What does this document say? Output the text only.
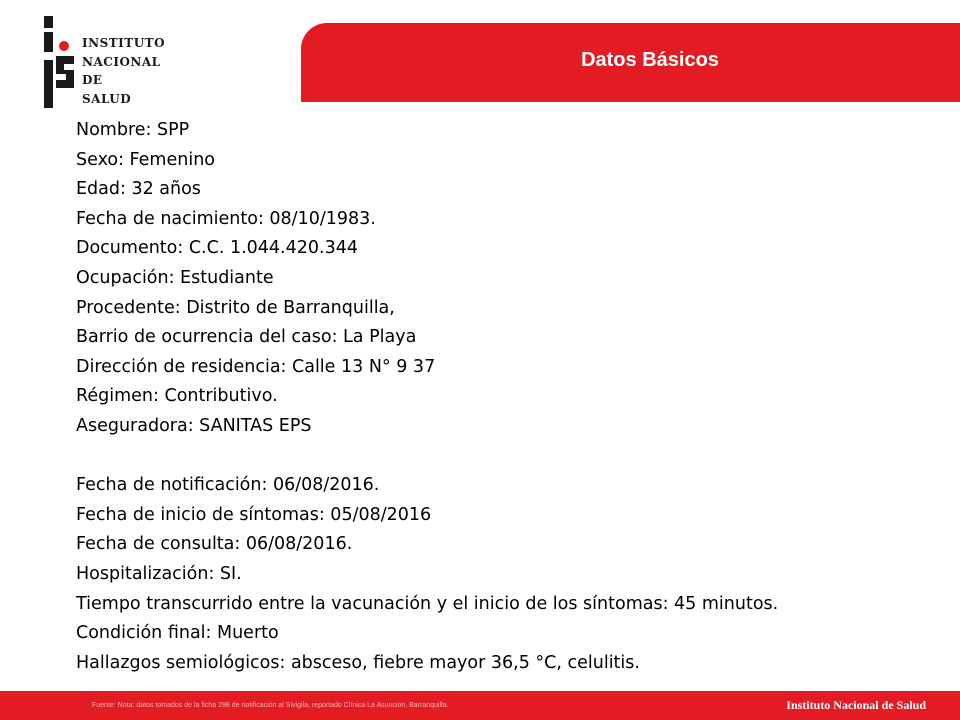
INSTITUTO
NACIONAL DE
SALUD
Datos Básicos
Nombre: SPP
Sexo: Femenino
Edad: 32 años
Fecha de nacimiento: 08/10/1983.
Documento: C.C. 1.044.420.344
Ocupación: Estudiante
Procedente: Distrito de Barranquilla,
Barrio de ocurrencia del caso: La Playa
Dirección de residencia: Calle 13 N° 9 37
Régimen: Contributivo.
Aseguradora: SANITAS EPS
Fecha de notificación: 06/08/2016.
Fecha de inicio de síntomas: 05/08/2016
Fecha de consulta: 06/08/2016.
Hospitalización: SI.
Tiempo transcurrido entre la vacunación y el inicio de los síntomas: 45 minutos.
Condición final: Muerto
Hallazgos semiológicos: absceso, fiebre mayor 36,5 °C, celulitis.
Fuente: Nota: datos tomados de la ficha 298 de notificación al Sivigila, reportado Clínica La Asunción, Barranquilla.	Instituto Nacional de Salud
